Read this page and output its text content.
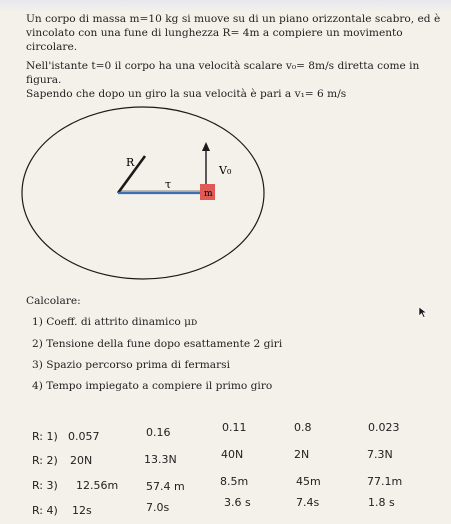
Un corpo di massa m=10 kg si muove su di un piano orizzontale scabro, ed è
vincolato con una fune di lunghezza R= 4m a compiere un movimento circolare.

Nell'istante t=0 il corpo ha una velocità scalare v₀= 8m/s diretta come in figura.
Sapendo che dopo un giro la sua velocità è pari a v₁= 6 m/s

R
τ
V₀
m
Calcolare:
1) Coeff. di attrito dinamico μᴅ
2) Tensione della fune dopo esattamente 2 giri
3) Spazio percorso prima di fermarsi
4) Tempo impiegato a compiere il primo giro
R: 1) 0.057	0.16	0.11	0.8	0.023
R: 2) 20N	13.3N	40N	2N	7.3N
R: 3) 12.56m	57.4 m	8.5m	45m	77.1m
R: 4) 12s	7.0s	3.6 s	7.4s	1.8 s
